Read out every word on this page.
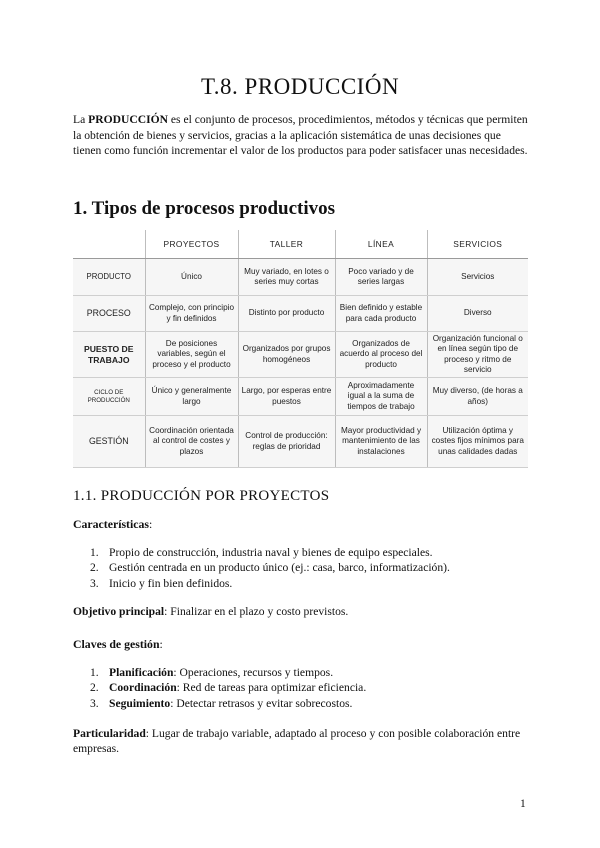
T.8. PRODUCCIÓN
La PRODUCCIÓN es el conjunto de procesos, procedimientos, métodos y técnicas que permiten la obtención de bienes y servicios, gracias a la aplicación sistemática de unas decisiones que tienen como función incrementar el valor de los productos para poder satisfacer unas necesidades.
1. Tipos de procesos productivos
	PROYECTOS	TALLER	LÍNEA	SERVICIOS
PRODUCTO	Único	Muy variado, en lotes o series muy cortas	Poco variado y de series largas	Servicios
PROCESO	Complejo, con principio y fin definidos	Distinto por producto	Bien definido y estable para cada producto	Diverso
PUESTO DE TRABAJO	De posiciones variables, según el proceso y el producto	Organizados por grupos homogéneos	Organizados de acuerdo al proceso del producto	Organización funcional o en línea según tipo de proceso y ritmo de servicio
CICLO DE PRODUCCIÓN	Único y generalmente largo	Largo, por esperas entre puestos	Aproximadamente igual a la suma de tiempos de trabajo	Muy diverso, (de horas a años)
GESTIÓN	Coordinación orientada al control de costes y plazos	Control de producción: reglas de prioridad	Mayor productividad y mantenimiento de las instalaciones	Utilización óptima y costes fijos mínimos para unas calidades dadas
1.1. PRODUCCIÓN POR PROYECTOS
Características:
1. Propio de construcción, industria naval y bienes de equipo especiales.
2. Gestión centrada en un producto único (ej.: casa, barco, informatización).
3. Inicio y fin bien definidos.
Objetivo principal: Finalizar en el plazo y costo previstos.
Claves de gestión:
1. Planificación: Operaciones, recursos y tiempos.
2. Coordinación: Red de tareas para optimizar eficiencia.
3. Seguimiento: Detectar retrasos y evitar sobrecostos.
Particularidad: Lugar de trabajo variable, adaptado al proceso y con posible colaboración entre empresas.
1
